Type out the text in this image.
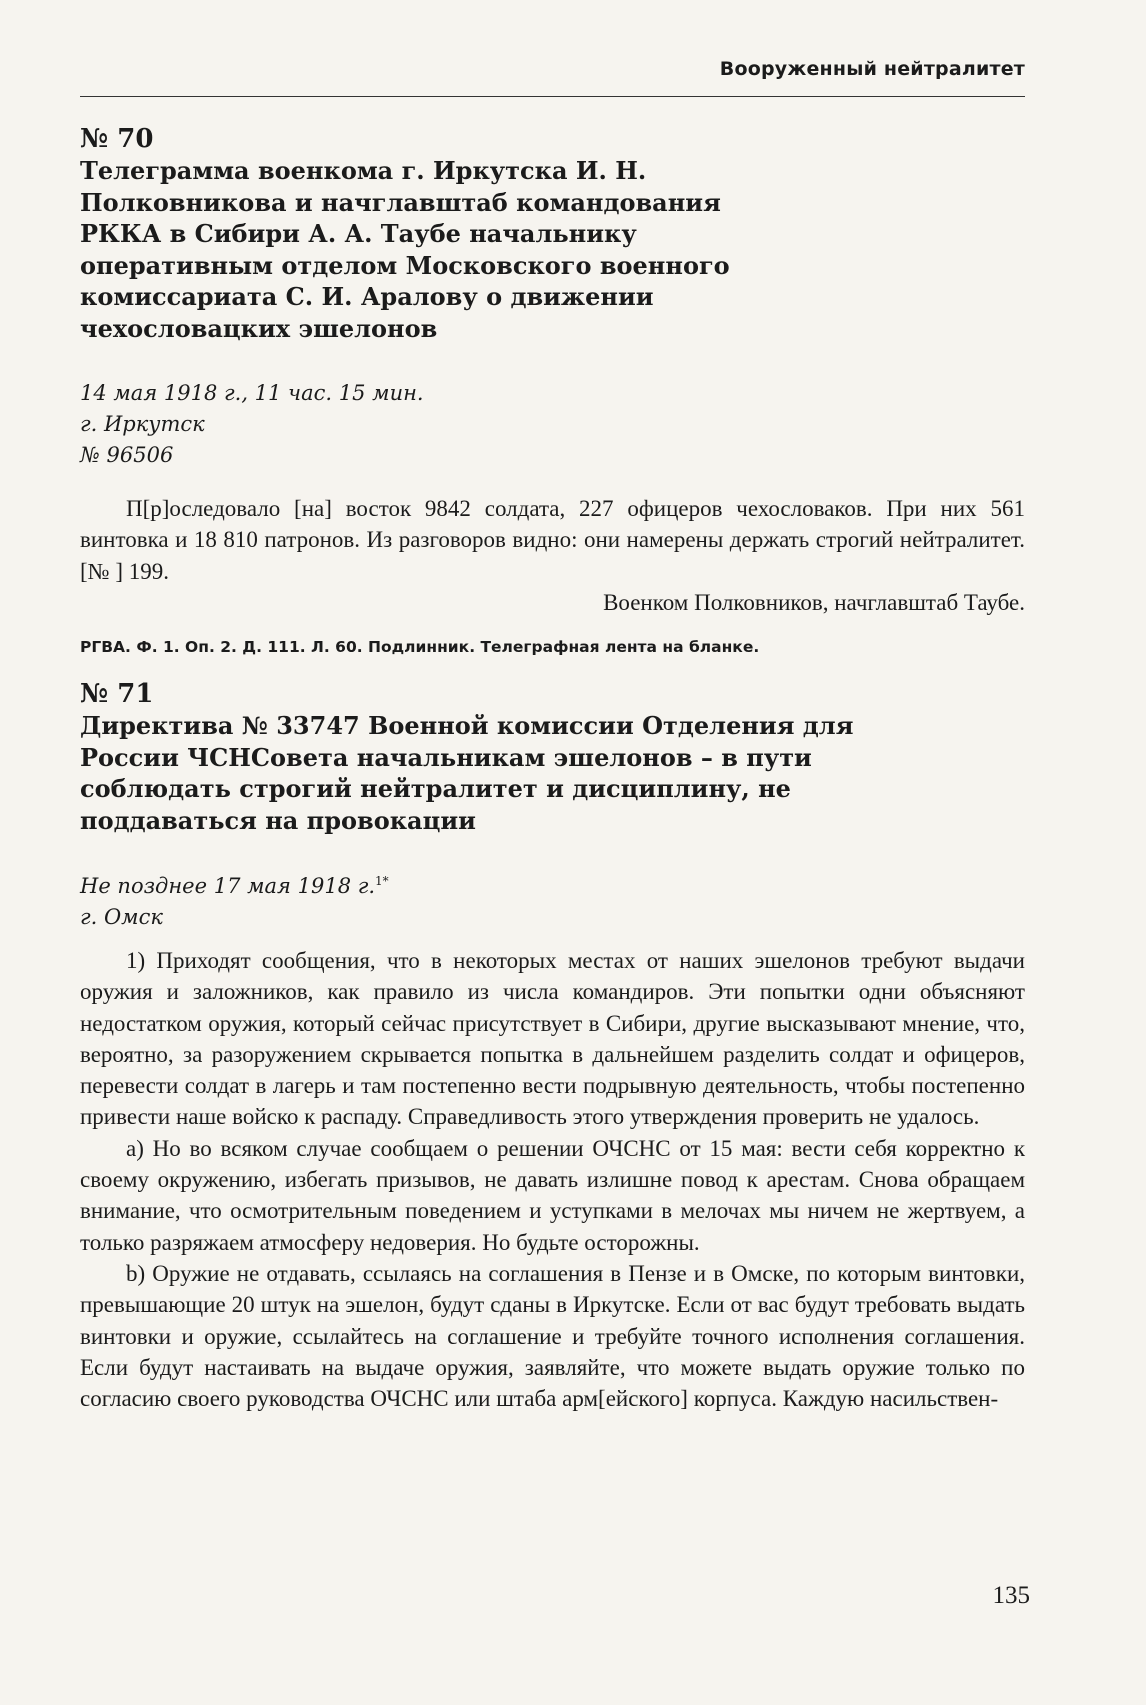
Вооруженный нейтралитет

№ 70

Телеграмма военкома г. Иркутска И. Н. Полковникова и начглавштаб командования РККА в Сибири А. А. Таубе начальнику оперативным отделом Московского военного комиссариата С. И. Аралову о движении чехословацких эшелонов

14 мая 1918 г., 11 час. 15 мин.

г. Иркутск

№ 96506

П[р]оследовало [на] восток 9842 солдата, 227 офицеров чехословаков. При них 561 винтовка и 18 810 патронов. Из разговоров видно: они намерены держать строгий нейтралитет. [№ ] 199.

Военком Полковников, начглавштаб Таубе.

РГВА. Ф. 1. Оп. 2. Д. 111. Л. 60. Подлинник. Телеграфная лента на бланке.

№ 71

Директива № 33747 Военной комиссии Отделения для России ЧСНСовета начальникам эшелонов – в пути соблюдать строгий нейтралитет и дисциплину, не поддаваться на провокации

Не позднее 17 мая 1918 г.$^{1*}$

г. Омск

1) Приходят сообщения, что в некоторых местах от наших эшелонов требуют выдачи оружия и заложников, как правило из числа командиров. Эти попытки одни объясняют недостатком оружия, который сейчас присутствует в Сибири, другие высказывают мнение, что, вероятно, за разоружением скрывается попытка в дальнейшем разделить солдат и офицеров, перевести солдат в лагерь и там постепенно вести подрывную деятельность, чтобы постепенно привести наше войско к распаду. Справедливость этого утверждения проверить не удалось.

a) Но во всяком случае сообщаем о решении ОЧСНС от 15 мая: вести себя корректно к своему окружению, избегать призывов, не давать излишне повод к арестам. Снова обращаем внимание, что осмотрительным поведением и уступками в мелочах мы ничем не жертвуем, а только разряжаем атмосферу недоверия. Но будьте осторожны.

b) Оружие не отдавать, ссылаясь на соглашения в Пензе и в Омске, по которым винтовки, превышающие 20 штук на эшелон, будут сданы в Иркутске. Если от вас будут требовать выдать винтовки и оружие, ссылайтесь на соглашение и требуйте точного исполнения соглашения. Если будут настаивать на выдаче оружия, заявляйте, что можете выдать оружие только по согласию своего руководства ОЧСНС или штаба арм[ейского] корпуса. Каждую насильствен-

135
